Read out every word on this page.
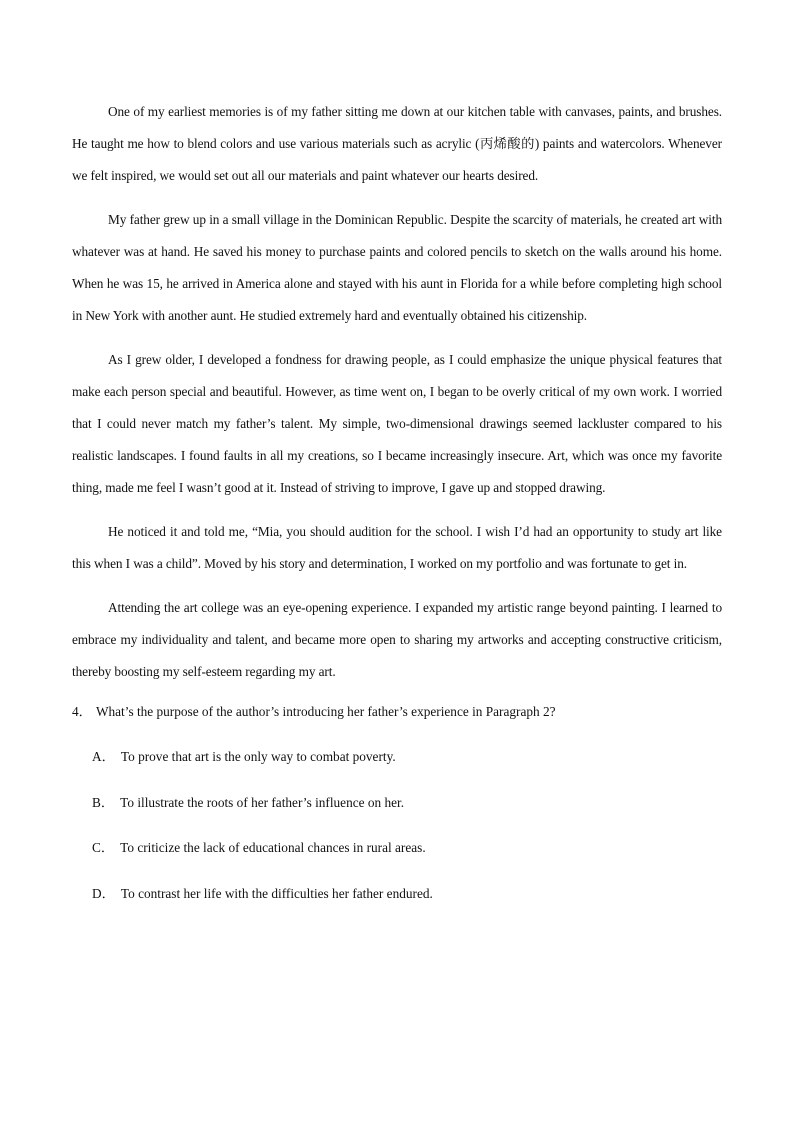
One of my earliest memories is of my father sitting me down at our kitchen table with canvases, paints, and brushes. He taught me how to blend colors and use various materials such as acrylic (丙烯酸的) paints and watercolors. Whenever we felt inspired, we would set out all our materials and paint whatever our hearts desired.

My father grew up in a small village in the Dominican Republic. Despite the scarcity of materials, he created art with whatever was at hand. He saved his money to purchase paints and colored pencils to sketch on the walls around his home. When he was 15, he arrived in America alone and stayed with his aunt in Florida for a while before completing high school in New York with another aunt. He studied extremely hard and eventually obtained his citizenship.

As I grew older, I developed a fondness for drawing people, as I could emphasize the unique physical features that make each person special and beautiful. However, as time went on, I began to be overly critical of my own work. I worried that I could never match my father’s talent. My simple, two-dimensional drawings seemed lackluster compared to his realistic landscapes. I found faults in all my creations, so I became increasingly insecure. Art, which was once my favorite thing, made me feel I wasn’t good at it. Instead of striving to improve, I gave up and stopped drawing.

He noticed it and told me, “Mia, you should audition for the school. I wish I’d had an opportunity to study art like this when I was a child”. Moved by his story and determination, I worked on my portfolio and was fortunate to get in.

Attending the art college was an eye-opening experience. I expanded my artistic range beyond painting. I learned to embrace my individuality and talent, and became more open to sharing my artworks and accepting constructive criticism, thereby boosting my self-esteem regarding my art.

4． What’s the purpose of the author’s introducing her father’s experience in Paragraph 2?
A． To prove that art is the only way to combat poverty.
B． To illustrate the roots of her father’s influence on her.
C． To criticize the lack of educational chances in rural areas.
D． To contrast her life with the difficulties her father endured.
